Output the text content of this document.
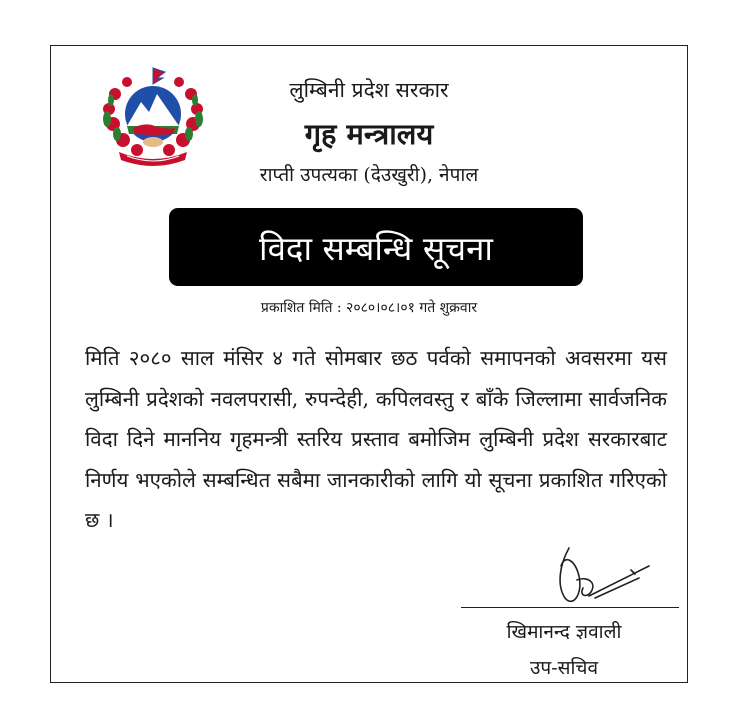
लुम्बिनी प्रदेश सरकार
गृह मन्त्रालय
राप्ती उपत्यका (देउखुरी), नेपाल
विदा सम्बन्धि सूचना
प्रकाशित मिति : २०८०।०८।०१ गते शुक्रवार
मिति २०८० साल मंसिर ४ गते सोमबार छठ पर्वको समापनको अवसरमा यस लुम्बिनी प्रदेशको नवलपरासी, रुपन्देही, कपिलवस्तु र बाँके जिल्लामा सार्वजनिक विदा दिने माननिय गृहमन्त्री स्तरिय प्रस्ताव बमोजिम लुम्बिनी प्रदेश सरकारबाट निर्णय भएकोले सम्बन्धित सबैमा जानकारीको लागि यो सूचना प्रकाशित गरिएको छ ।
खिमानन्द ज्ञवाली
उप-सचिव
